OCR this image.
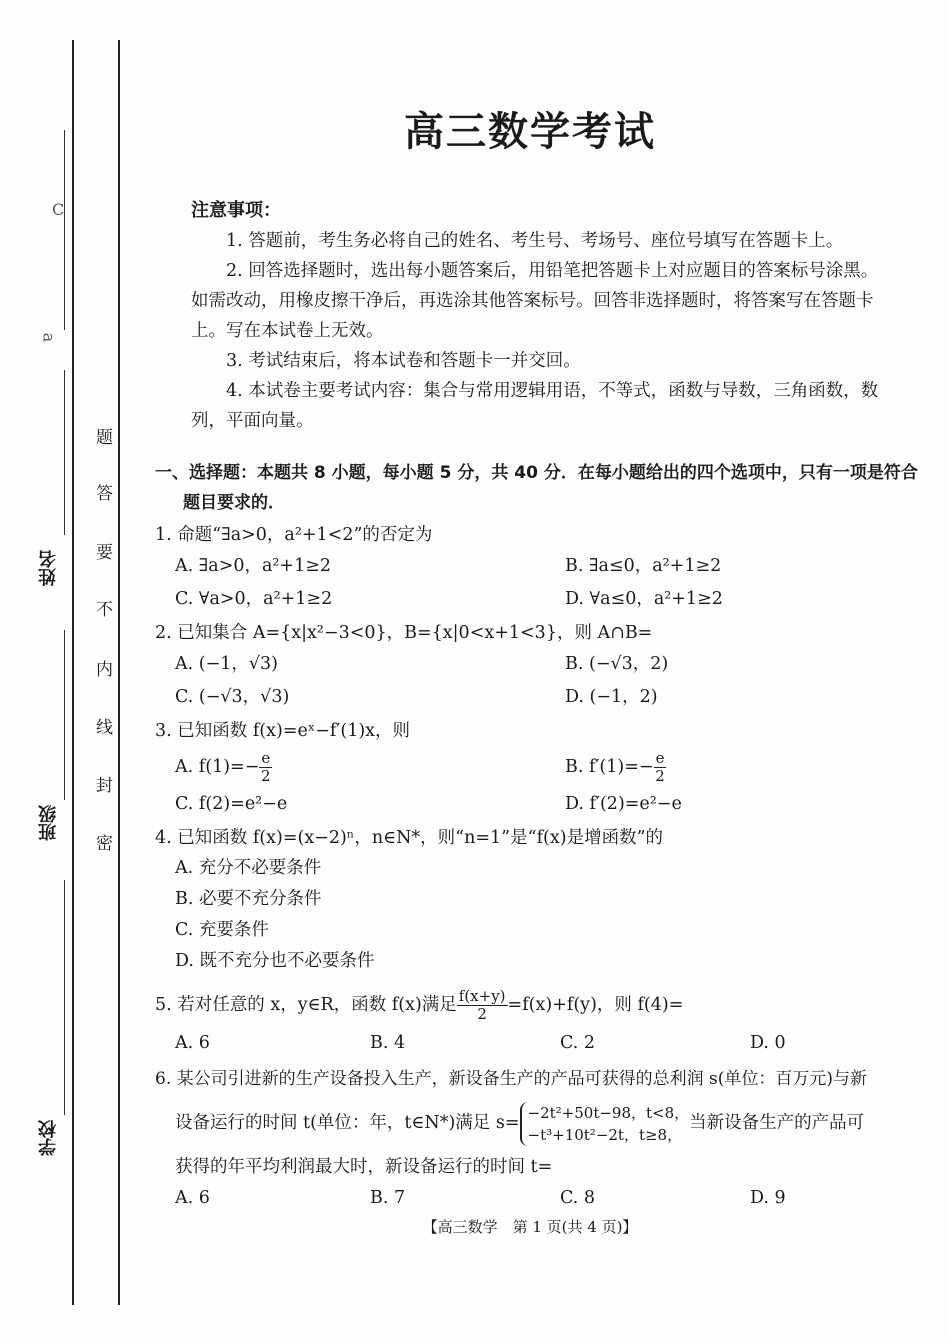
学校
班级
姓名
C
a
题
答
要
不
内
线
封
密
高三数学考试
注意事项：
1. 答题前，考生务必将自己的姓名、考生号、考场号、座位号填写在答题卡上。
2. 回答选择题时，选出每小题答案后，用铅笔把答题卡上对应题目的答案标号涂黑。如需改动，用橡皮擦干净后，再选涂其他答案标号。回答非选择题时，将答案写在答题卡上。写在本试卷上无效。
3. 考试结束后，将本试卷和答题卡一并交回。
4. 本试卷主要考试内容：集合与常用逻辑用语，不等式，函数与导数，三角函数，数列，平面向量。
一、选择题：本题共 8 小题，每小题 5 分，共 40 分．在每小题给出的四个选项中，只有一项是符合
题目要求的．
1. 命题“∃a>0，a²+1<2”的否定为
A. ∃a>0，a²+1≥2	B. ∃a≤0，a²+1≥2
C. ∀a>0，a²+1≥2	D. ∀a≤0，a²+1≥2
2. 已知集合 A={x|x²−3<0}，B={x|0<x+1<3}，则 A∩B=
A. (−1，√3)	B. (−√3，2)
C. (−√3，√3)	D. (−1，2)
3. 已知函数 f(x)=eˣ−f′(1)x，则
A. $f(1)=- \frac{e}{2}$	B. $f'(1)=- \frac{e}{2}$
C. f(2)=e²−e	D. f′(2)=e²−e
4. 已知函数 f(x)=(x−2)ⁿ，n∈N*，则“n=1”是“f(x)是增函数”的
A. 充分不必要条件
B. 必要不充分条件
C. 充要条件
D. 既不充分也不必要条件
5. 若对任意的 x，y∈R，函数 f(x)满足 $\frac{f(x+y)}{2} =f(x)+f(y)$，则 f(4)=
A. 6	B. 4	C. 2	D. 0
6. 某公司引进新的生产设备投入生产，新设备生产的产品可获得的总利润 s(单位：百万元)与新
设备运行的时间 t(单位：年，t∈N*)满足 s=
−2t²+50t−98，t<8，
−t³+10t²−2t，t≥8，
当新设备生产的产品可
获得的年平均利润最大时，新设备运行的时间 t=
A. 6	B. 7	C. 8	D. 9
【高三数学　第 1 页(共 4 页)】
